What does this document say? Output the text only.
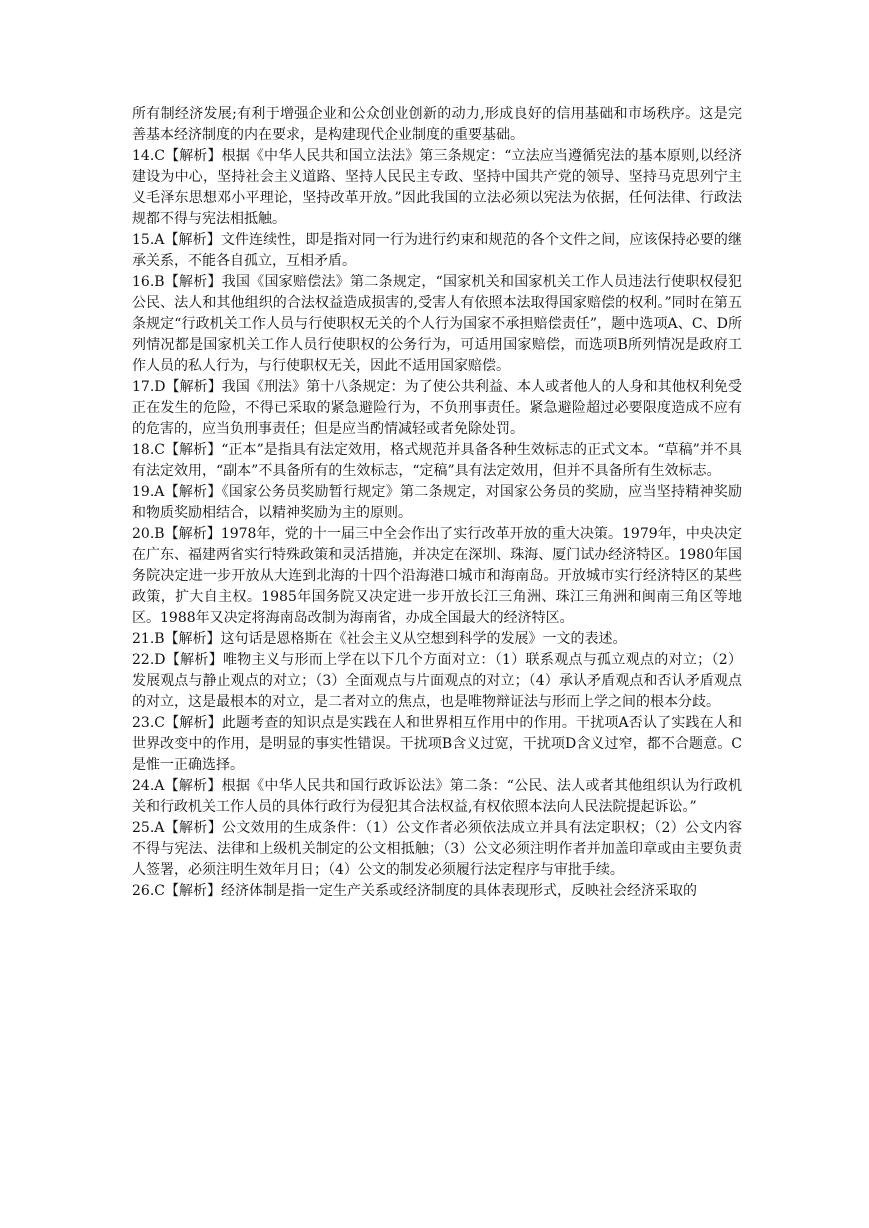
所有制经济发展;有利于增强企业和公众创业创新的动力,形成良好的信用基础和市场秩序。这是完善基本经济制度的内在要求，是构建现代企业制度的重要基础。

14.C【解析】根据《中华人民共和国立法法》第三条规定：“立法应当遵循宪法的基本原则,以经济建设为中心，坚持社会主义道路、坚持人民民主专政、坚持中国共产党的领导、坚持马克思列宁主义毛泽东思想邓小平理论，坚持改革开放。”因此我国的立法必须以宪法为依据，任何法律、行政法规都不得与宪法相抵触。

15.A【解析】文件连续性，即是指对同一行为进行约束和规范的各个文件之间，应该保持必要的继承关系，不能各自孤立，互相矛盾。

16.B【解析】我国《国家赔偿法》第二条规定，“国家机关和国家机关工作人员违法行使职权侵犯公民、法人和其他组织的合法权益造成损害的,受害人有依照本法取得国家赔偿的权利。”同时在第五条规定“行政机关工作人员与行使职权无关的个人行为国家不承担赔偿责任”，题中选项A、C、D所列情况都是国家机关工作人员行使职权的公务行为，可适用国家赔偿，而选项B所列情况是政府工作人员的私人行为，与行使职权无关，因此不适用国家赔偿。

17.D【解析】我国《刑法》第十八条规定：为了使公共利益、本人或者他人的人身和其他权利免受正在发生的危险，不得已采取的紧急避险行为，不负刑事责任。紧急避险超过必要限度造成不应有的危害的，应当负刑事责任；但是应当酌情减轻或者免除处罚。

18.C【解析】“正本”是指具有法定效用，格式规范并具备各种生效标志的正式文本。“草稿”并不具有法定效用，“副本”不具备所有的生效标志，“定稿”具有法定效用，但并不具备所有生效标志。

19.A【解析】《国家公务员奖励暂行规定》第二条规定，对国家公务员的奖励，应当坚持精神奖励和物质奖励相结合，以精神奖励为主的原则。

20.B【解析】1978年，党的十一届三中全会作出了实行改革开放的重大决策。1979年，中央决定在广东、福建两省实行特殊政策和灵活措施，并决定在深圳、珠海、厦门试办经济特区。1980年国务院决定进一步开放从大连到北海的十四个沿海港口城市和海南岛。开放城市实行经济特区的某些政策，扩大自主权。1985年国务院又决定进一步开放长江三角洲、珠江三角洲和闽南三角区等地区。1988年又决定将海南岛改制为海南省，办成全国最大的经济特区。

21.B【解析】这句话是恩格斯在《社会主义从空想到科学的发展》一文的表述。

22.D【解析】唯物主义与形而上学在以下几个方面对立：（1）联系观点与孤立观点的对立；（2）发展观点与静止观点的对立；（3）全面观点与片面观点的对立；（4）承认矛盾观点和否认矛盾观点的对立，这是最根本的对立，是二者对立的焦点，也是唯物辩证法与形而上学之间的根本分歧。

23.C【解析】此题考查的知识点是实践在人和世界相互作用中的作用。干扰项A否认了实践在人和世界改变中的作用，是明显的事实性错误。干扰项B含义过宽，干扰项D含义过窄，都不合题意。C是惟一正确选择。

24.A【解析】根据《中华人民共和国行政诉讼法》第二条：“公民、法人或者其他组织认为行政机关和行政机关工作人员的具体行政行为侵犯其合法权益,有权依照本法向人民法院提起诉讼。”

25.A【解析】公文效用的生成条件：（1）公文作者必须依法成立并具有法定职权；（2）公文内容不得与宪法、法律和上级机关制定的公文相抵触；（3）公文必须注明作者并加盖印章或由主要负责人签署，必须注明生效年月日；（4）公文的制发必须履行法定程序与审批手续。

26.C【解析】经济体制是指一定生产关系或经济制度的具体表现形式，反映社会经济采取的
